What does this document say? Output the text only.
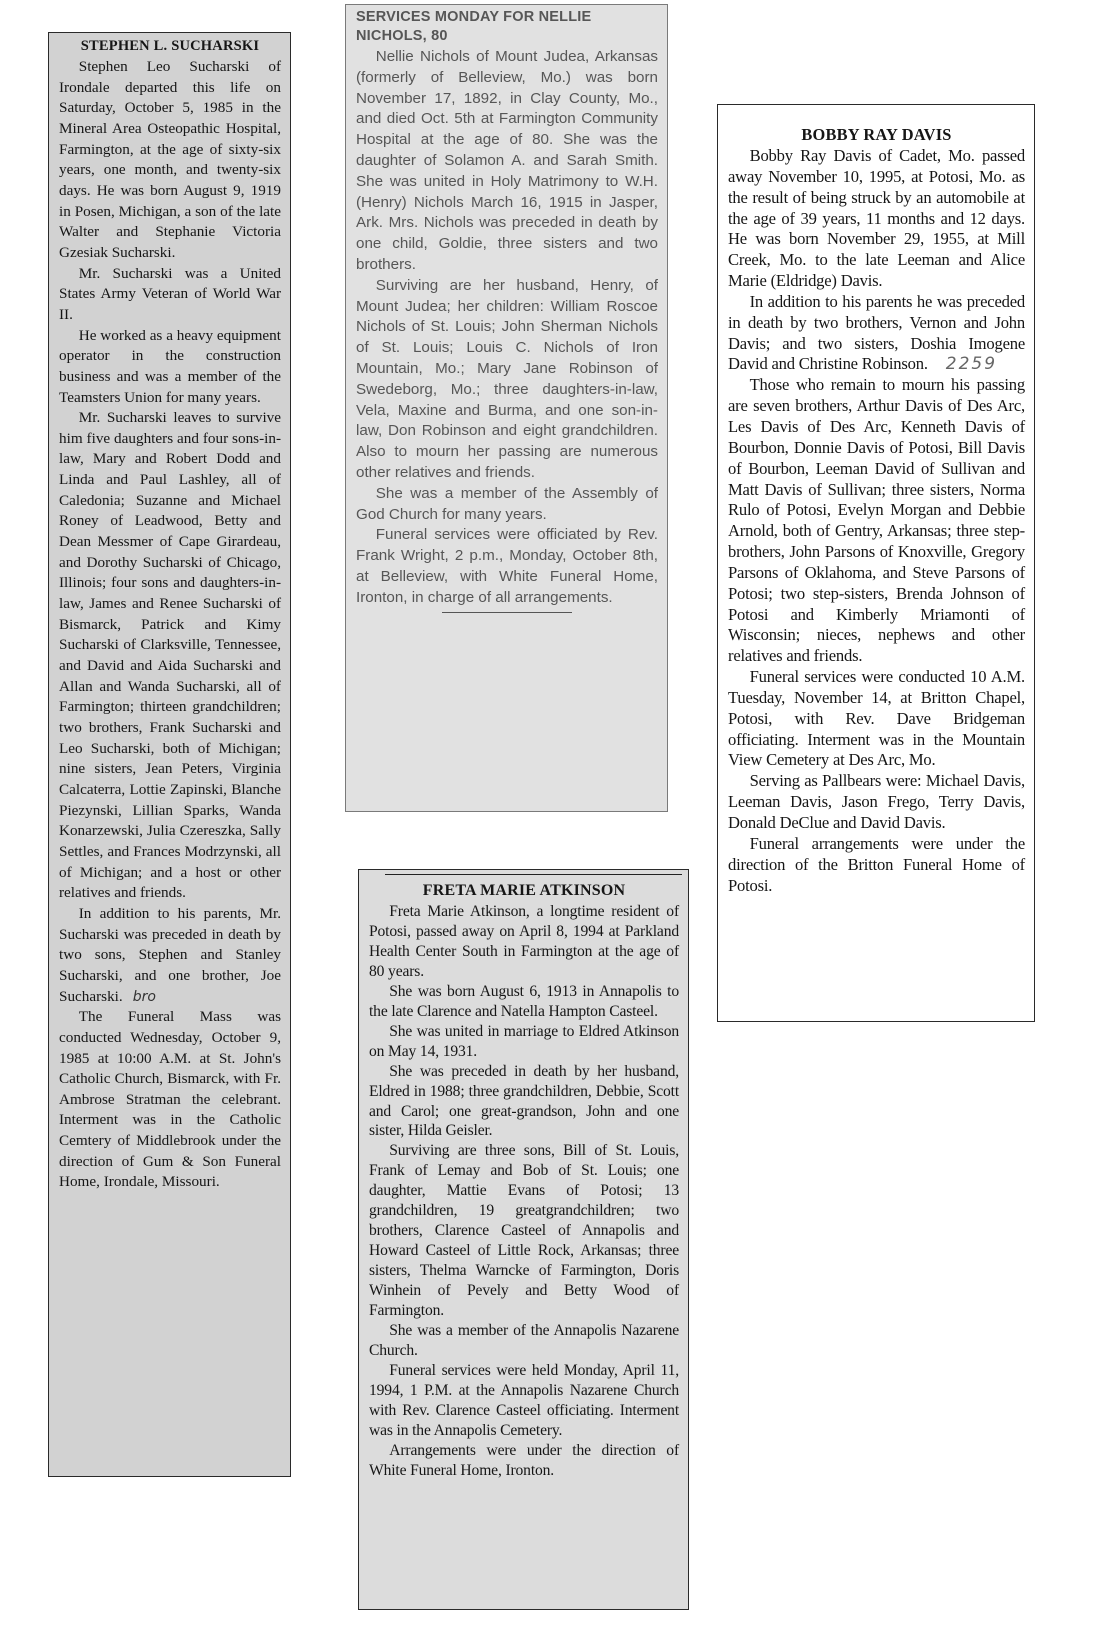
STEPHEN L. SUCHARSKI

Stephen Leo Sucharski of Irondale departed this life on Saturday, October 5, 1985 in the Mineral Area Osteopathic Hospital, Farmington, at the age of sixty-six years, one month, and twenty-six days. He was born August 9, 1919 in Posen, Michigan, a son of the late Walter and Stephanie Victoria Gzesiak Sucharski.

Mr. Sucharski was a United States Army Veteran of World War II.

He worked as a heavy equipment operator in the construction business and was a member of the Teamsters Union for many years.

Mr. Sucharski leaves to survive him five daughters and four sons-in-law, Mary and Robert Dodd and Linda and Paul Lashley, all of Caledonia; Suzanne and Michael Roney of Leadwood, Betty and Dean Messmer of Cape Girardeau, and Dorothy Sucharski of Chicago, Illinois; four sons and daughters-in-law, James and Renee Sucharski of Bismarck, Patrick and Kimy Sucharski of Clarksville, Tennessee, and David and Aida Sucharski and Allan and Wanda Sucharski, all of Farmington; thirteen grandchildren; two brothers, Frank Sucharski and Leo Sucharski, both of Michigan; nine sisters, Jean Peters, Virginia Calcaterra, Lottie Zapinski, Blanche Piezynski, Lillian Sparks, Wanda Konarzewski, Julia Czereszka, Sally Settles, and Frances Modrzynski, all of Michigan; and a host or other relatives and friends.

In addition to his parents, Mr. Sucharski was preceded in death by two sons, Stephen and Stanley Sucharski, and one brother, Joe Sucharski. bro

The Funeral Mass was conducted Wednesday, October 9, 1985 at 10:00 A.M. at St. John's Catholic Church, Bismarck, with Fr. Ambrose Stratman the celebrant. Interment was in the Catholic Cemtery of Middlebrook under the direction of Gum & Son Funeral Home, Irondale, Missouri.

SERVICES MONDAY FOR NELLIE NICHOLS, 80

Nellie Nichols of Mount Judea, Arkansas (formerly of Belleview, Mo.) was born November 17, 1892, in Clay County, Mo., and died Oct. 5th at Farmington Community Hospital at the age of 80. She was the daughter of Solamon A. and Sarah Smith. She was united in Holy Matrimony to W.H. (Henry) Nichols March 16, 1915 in Jasper, Ark. Mrs. Nichols was preceded in death by one child, Goldie, three sisters and two brothers.

Surviving are her husband, Henry, of Mount Judea; her children: William Roscoe Nichols of St. Louis; John Sherman Nichols of St. Louis; Louis C. Nichols of Iron Mountain, Mo.; Mary Jane Robinson of Swedeborg, Mo.; three daughters-in-law, Vela, Maxine and Burma, and one son-in-law, Don Robinson and eight grandchildren. Also to mourn her passing are numerous other relatives and friends.

She was a member of the Assembly of God Church for many years.

Funeral services were officiated by Rev. Frank Wright, 2 p.m., Monday, October 8th, at Belleview, with White Funeral Home, Ironton, in charge of all arrangements.

FRETA MARIE ATKINSON

Freta Marie Atkinson, a longtime resident of Potosi, passed away on April 8, 1994 at Parkland Health Center South in Farmington at the age of 80 years.

She was born August 6, 1913 in Annapolis to the late Clarence and Natella Hampton Casteel.

She was united in marriage to Eldred Atkinson on May 14, 1931.

She was preceded in death by her husband, Eldred in 1988; three grandchildren, Debbie, Scott and Carol; one great-grandson, John and one sister, Hilda Geisler.

Surviving are three sons, Bill of St. Louis, Frank of Lemay and Bob of St. Louis; one daughter, Mattie Evans of Potosi; 13 grandchildren, 19 greatgrandchildren; two brothers, Clarence Casteel of Annapolis and Howard Casteel of Little Rock, Arkansas; three sisters, Thelma Warncke of Farmington, Doris Winhein of Pevely and Betty Wood of Farmington.

She was a member of the Annapolis Nazarene Church.

Funeral services were held Monday, April 11, 1994, 1 P.M. at the Annapolis Nazarene Church with Rev. Clarence Casteel officiating. Interment was in the Annapolis Cemetery.

Arrangements were under the direction of White Funeral Home, Ironton.

BOBBY RAY DAVIS

Bobby Ray Davis of Cadet, Mo. passed away November 10, 1995, at Potosi, Mo. as the result of being struck by an automobile at the age of 39 years, 11 months and 12 days. He was born November 29, 1955, at Mill Creek, Mo. to the late Leeman and Alice Marie (Eldridge) Davis.

In addition to his parents he was preceded in death by two brothers, Vernon and John Davis; and two sisters, Doshia Imogene David and Christine Robinson. 2259

Those who remain to mourn his passing are seven brothers, Arthur Davis of Des Arc, Les Davis of Des Arc, Kenneth Davis of Bourbon, Donnie Davis of Potosi, Bill Davis of Bourbon, Leeman David of Sullivan and Matt Davis of Sullivan; three sisters, Norma Rulo of Potosi, Evelyn Morgan and Debbie Arnold, both of Gentry, Arkansas; three step-brothers, John Parsons of Knoxville, Gregory Parsons of Oklahoma, and Steve Parsons of Potosi; two step-sisters, Brenda Johnson of Potosi and Kimberly Mriamonti of Wisconsin; nieces, nephews and other relatives and friends.

Funeral services were conducted 10 A.M. Tuesday, November 14, at Britton Chapel, Potosi, with Rev. Dave Bridgeman officiating. Interment was in the Mountain View Cemetery at Des Arc, Mo.

Serving as Pallbears were: Michael Davis, Leeman Davis, Jason Frego, Terry Davis, Donald DeClue and David Davis.

Funeral arrangements were under the direction of the Britton Funeral Home of Potosi.
